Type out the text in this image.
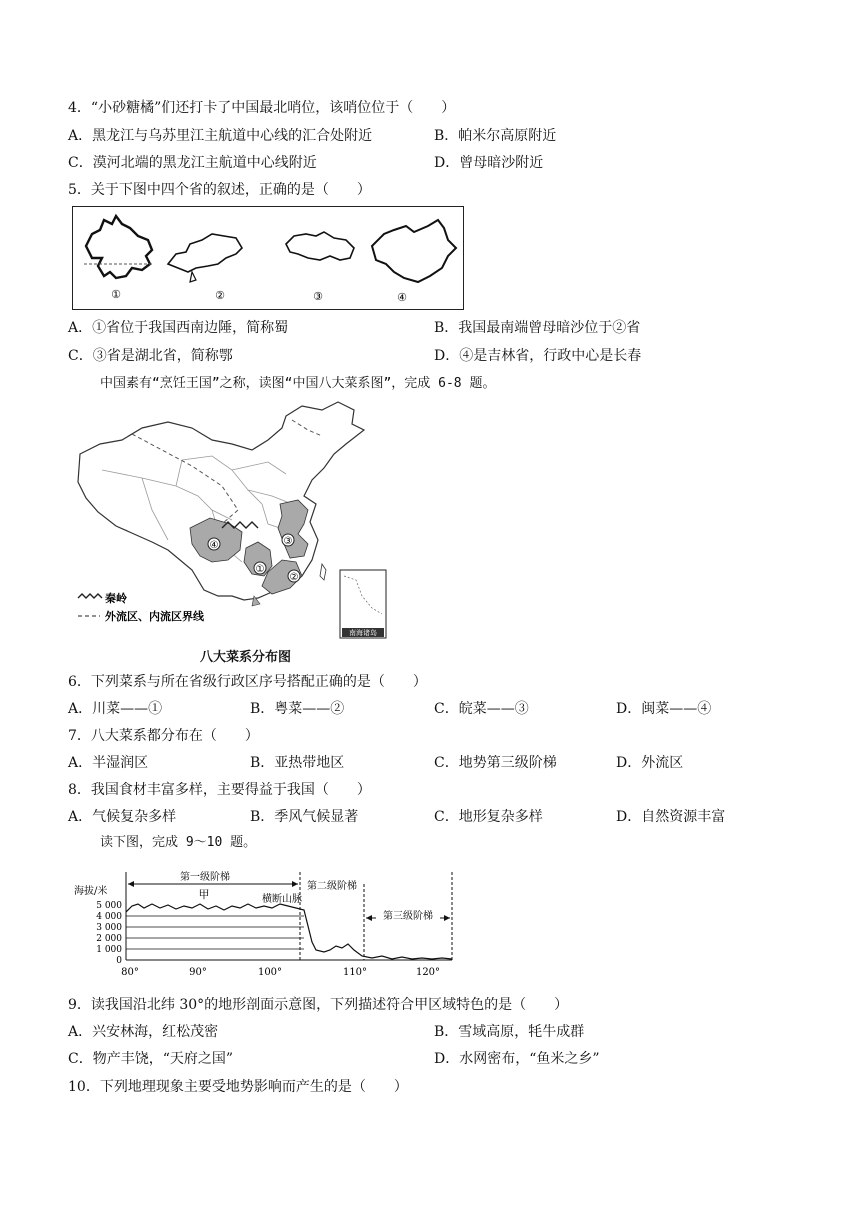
4．“小砂糖橘”们还打卡了中国最北哨位，该哨位位于（　　）
A．黑龙江与乌苏里江主航道中心线的汇合处附近	B．帕米尔高原附近
C．漠河北端的黑龙江主航道中心线附近	D．曾母暗沙附近
5．关于下图中四个省的叙述，正确的是（　　）
①	②	③	④
A．①省位于我国西南边陲，简称蜀	B．我国最南端曾母暗沙位于②省
C．③省是湖北省，简称鄂	D．④是吉林省，行政中心是长春
中国素有“烹饪王国”之称，读图“中国八大菜系图”，完成 6-8 题。
④
①
③
②
南海诸岛
秦岭
外流区、内流区界线
八大菜系分布图
6．下列菜系与所在省级行政区序号搭配正确的是（　　）
A．川菜——①	B．粤菜——②	C．皖菜——③	D．闽菜——④
7．八大菜系都分布在（　　）
A．半湿润区	B．亚热带地区	C．地势第三级阶梯	D．外流区
8．我国食材丰富多样，主要得益于我国（　　）
A．气候复杂多样	B．季风气候显著	C．地形复杂多样	D．自然资源丰富
读下图，完成 9～10 题。
海拔/米
5 000
4 000
3 000
2 000
1 000
0
第一级阶梯
第二级阶梯
第三级阶梯
甲	横断山脉
80°	90°	100°	110°	120°
9．读我国沿北纬 30°的地形剖面示意图，下列描述符合甲区域特色的是（　　）
A．兴安林海，红松茂密	B．雪域高原，牦牛成群
C．物产丰饶，“天府之国”	D．水网密布，“鱼米之乡”
10．下列地理现象主要受地势影响而产生的是（　　）
